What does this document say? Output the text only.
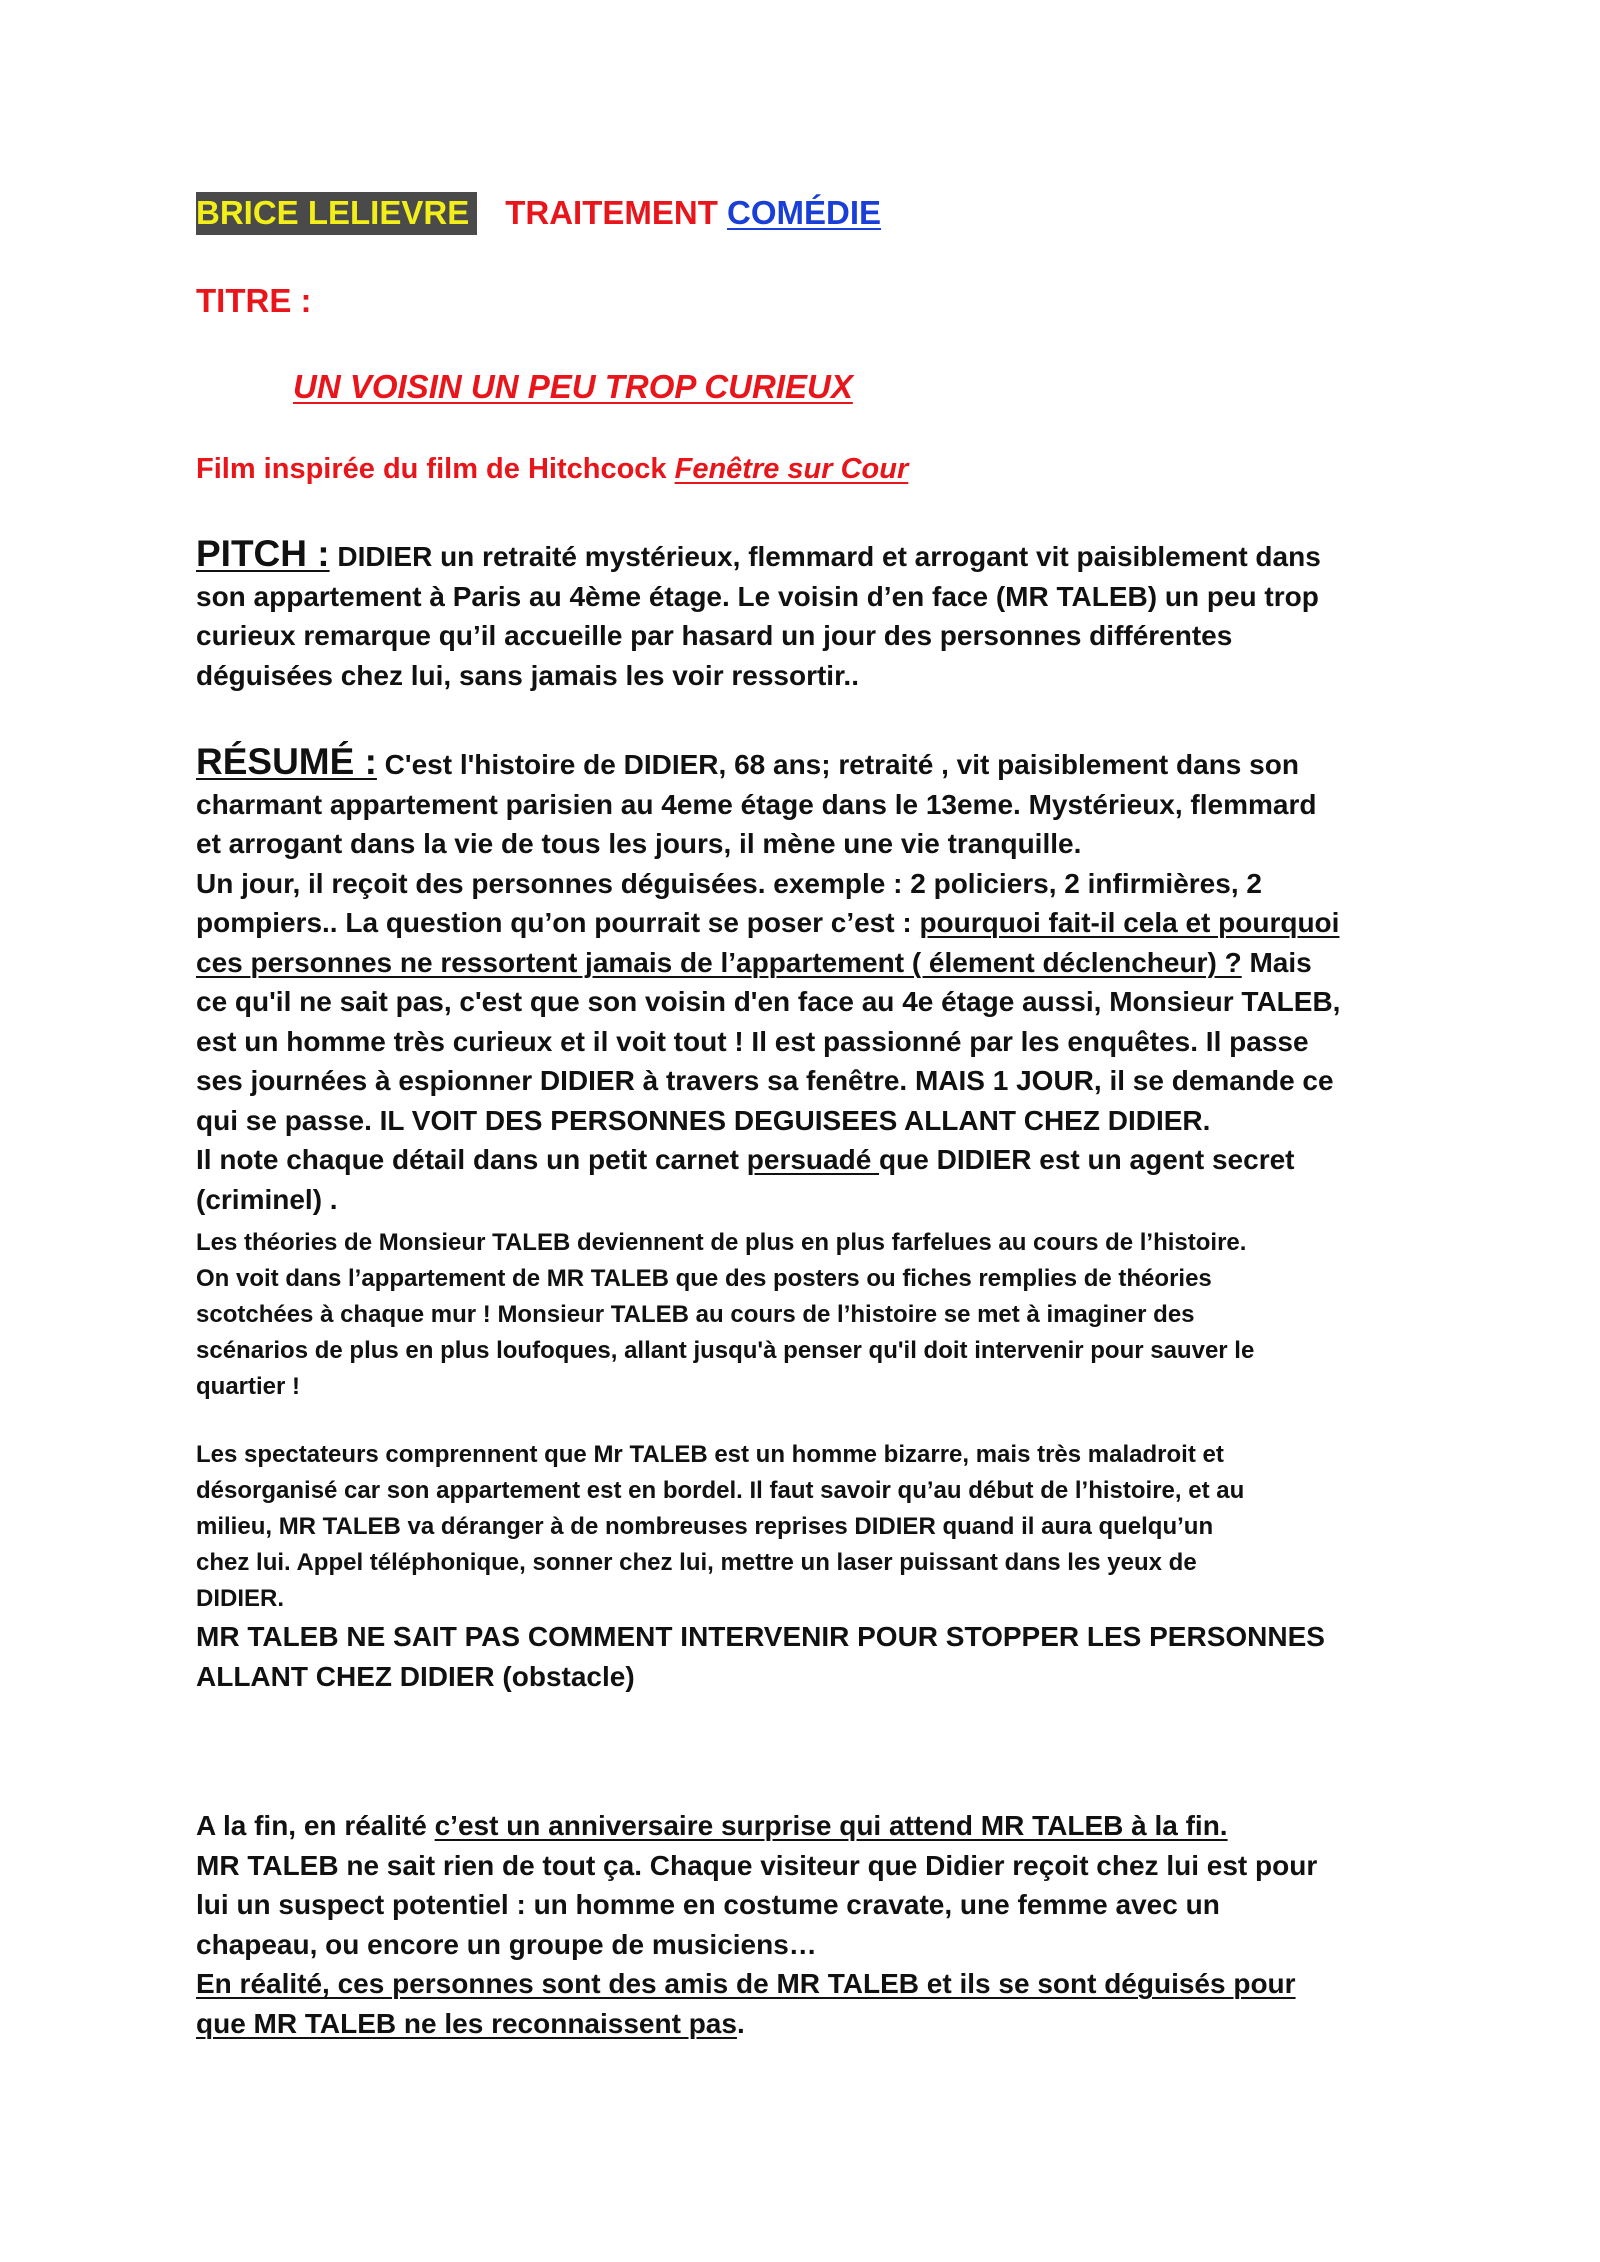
BRICE LELIEVRE TRAITEMENT COMÉDIE
TITRE :
UN VOISIN UN PEU TROP CURIEUX
Film inspirée du film de Hitchcock Fenêtre sur Cour
PITCH : DIDIER un retraité mystérieux, flemmard et arrogant vit paisiblement dans
son appartement à Paris au 4ème étage. Le voisin d’en face (MR TALEB) un peu trop
curieux remarque qu’il accueille par hasard un jour des personnes différentes
déguisées chez lui, sans jamais les voir ressortir..
RÉSUMÉ : C'est l'histoire de DIDIER, 68 ans; retraité , vit paisiblement dans son
charmant appartement parisien au 4eme étage dans le 13eme. Mystérieux, flemmard
et arrogant dans la vie de tous les jours, il mène une vie tranquille.
Un jour, il reçoit des personnes déguisées. exemple : 2 policiers, 2 infirmières, 2
pompiers.. La question qu’on pourrait se poser c’est : pourquoi fait-il cela et pourquoi
ces personnes ne ressortent jamais de l’appartement ( élement déclencheur) ? Mais
ce qu'il ne sait pas, c'est que son voisin d'en face au 4e étage aussi, Monsieur TALEB,
est un homme très curieux et il voit tout ! Il est passionné par les enquêtes. Il passe
ses journées à espionner DIDIER à travers sa fenêtre. MAIS 1 JOUR, il se demande ce
qui se passe. IL VOIT DES PERSONNES DEGUISEES ALLANT CHEZ DIDIER.
Il note chaque détail dans un petit carnet persuadé que DIDIER est un agent secret
(criminel) .
Les théories de Monsieur TALEB deviennent de plus en plus farfelues au cours de l’histoire.
On voit dans l’appartement de MR TALEB que des posters ou fiches remplies de théories
scotchées à chaque mur ! Monsieur TALEB au cours de l’histoire se met à imaginer des
scénarios de plus en plus loufoques, allant jusqu'à penser qu'il doit intervenir pour sauver le
quartier !
Les spectateurs comprennent que Mr TALEB est un homme bizarre, mais très maladroit et
désorganisé car son appartement est en bordel. Il faut savoir qu’au début de l’histoire, et au
milieu, MR TALEB va déranger à de nombreuses reprises DIDIER quand il aura quelqu’un
chez lui. Appel téléphonique, sonner chez lui, mettre un laser puissant dans les yeux de
DIDIER.
MR TALEB NE SAIT PAS COMMENT INTERVENIR POUR STOPPER LES PERSONNES
ALLANT CHEZ DIDIER (obstacle)
A la fin, en réalité c’est un anniversaire surprise qui attend MR TALEB à la fin.
MR TALEB ne sait rien de tout ça. Chaque visiteur que Didier reçoit chez lui est pour
lui un suspect potentiel : un homme en costume cravate, une femme avec un
chapeau, ou encore un groupe de musiciens…
En réalité, ces personnes sont des amis de MR TALEB et ils se sont déguisés pour
que MR TALEB ne les reconnaissent pas.
